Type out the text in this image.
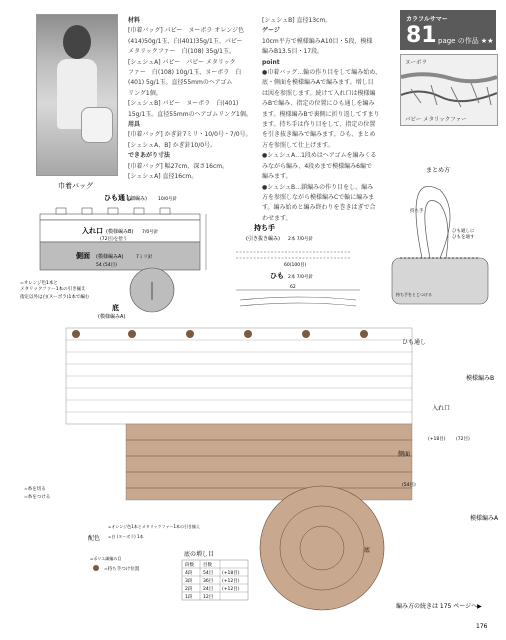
材料

[巾着バッグ] パピー　ヌーボラ オレンジ色

(414)50g/1玉、白(401)35g/1玉、パピー

メタリックファー　白(108) 35g/1玉。

[シュシュA] パピー　パピー メタリック

ファー　白(108) 10g/1玉、ヌーボラ　白

(401) 5g/1玉。直径55mmのヘアゴム

リング1個。

[シュシュB] パピー　ヌーボラ　白(401)

15g/1玉。直径55mmのヘアゴムリング1個。

用具

[巾着バッグ] かぎ針7ミリ・10/0号・7/0号。

[シュシュA、B] かぎ針10/0号。

できあがり寸法

[巾着バッグ] 幅27cm、深さ16cm。

[シュシュA] 直径16cm。

[シュシュB] 直径13cm。

ゲージ

10cm平方で模様編みA10目・5段、模様

編みB13.5目・17段。

point

●巾着バッグ…輪の作り目をして編み始め、

底・側面を模様編みAで編みます。増し目

は図を参照します。続けて入れ口は模様編

みBで編み、指定の位置にひも通しを編み

ます。模様編みBで裏側に折り返してすまり

ます。持ち手は作り目をして、指定の位置

を引き抜き編みで編みます。ひも、まとめ

方を参照して仕上げます。

●シュシュA…1段めはヘアゴムを編みくる

みながら編み、4段めまで模様編み6編で

編みます。

●シュシュB…鎖編みの作り目をし、編み

方を参照しながら模様編みCで輪に編みま

す。編み始めと編み終わりを巻きはぎで合

わせます。

カラフルサマー
81 page の作品 ★★
ヌーボラ
パピー メタリックファー
巾着バッグ
ひも通し
(細編み) 10/0号針
入れ口 (模様編みB) 7/0号針
(72目)を拾う
側面 (模様編みA)	7ミリ針
54 (54目)
=オレンジ色1本と
メタリックファー1本の引き揃え
指定以外は白(ヌーボラ)1本で編む
底
(模様編みA)
持ち手
(引き抜き編み) 2本 7/0号針
60(100目)
ひも 2本 7/0号針
62
まとめ方
持ち手
ひも通しに
ひもを通す
持ち手をとじつける
ひも通し
入れ口
模様編みB
(+18目) (72目)
側面
(54目)
模様編みA
底
=糸を切る
=糸をつける
配色
=オレンジ色1本とメタリックファー1本の引き揃え
=白 (ヌーボラ) 1本
=ポリエ細編み目
=持ち手つけ位置
底の増し目
段数 目数
4段 54目 (+18目)
3段 36目 (+12目)
2段 24目 (+12目)
1段 12目
編み方の続きは 175 ページへ▶
176
